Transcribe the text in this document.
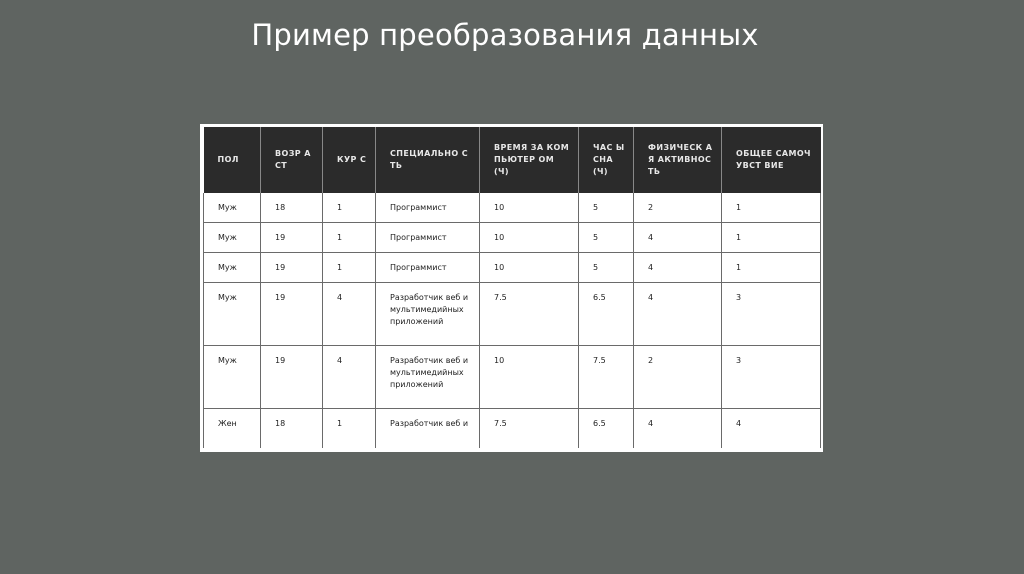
Пример преобразования данных
ПОЛ	ВОЗР АСТ	КУР С	СПЕЦИАЛЬНО СТЬ	ВРЕМЯ ЗА КОМПЬЮТЕР ОМ (Ч)	ЧАС Ы СНА (Ч)	ФИЗИЧЕСК АЯ АКТИВНОС ТЬ	ОБЩЕЕ САМОЧУВСТ ВИЕ
Муж	18	1	Программист	10	5	2	1
Муж	19	1	Программист	10	5	4	1
Муж	19	1	Программист	10	5	4	1
Муж	19	4	Разработчик веб и мультимедийных приложений	7.5	6.5	4	3
Муж	19	4	Разработчик веб и мультимедийных приложений	10	7.5	2	3
Жен	18	1	Разработчик веб и	7.5	6.5	4	4
